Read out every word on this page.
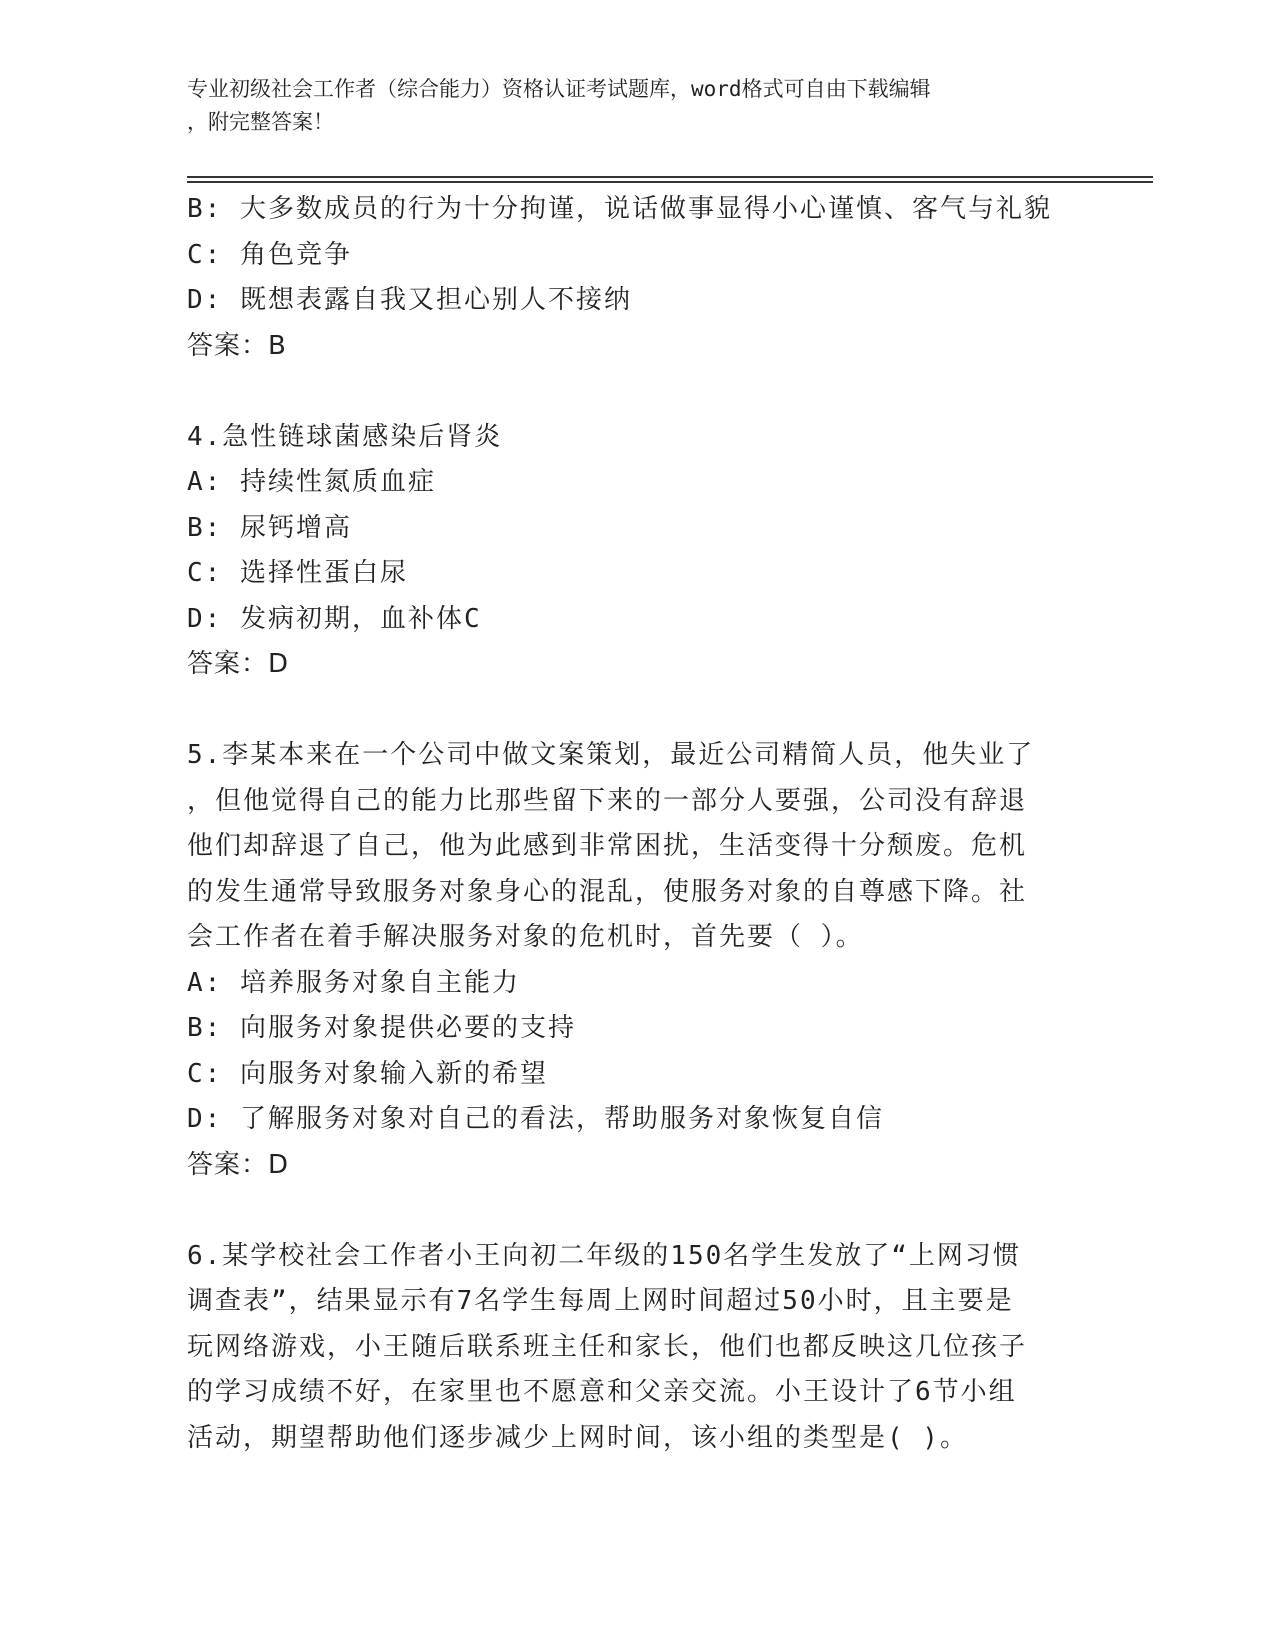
专业初级社会工作者（综合能力）资格认证考试题库，word格式可自由下载编辑
，附完整答案！
B: 大多数成员的行为十分拘谨，说话做事显得小心谨慎、客气与礼貌
C: 角色竞争
D: 既想表露自我又担心别人不接纳
答案：B
4.急性链球菌感染后肾炎
A: 持续性氮质血症
B: 尿钙增高
C: 选择性蛋白尿
D: 发病初期，血补体C
答案：D
5.李某本来在一个公司中做文案策划，最近公司精简人员，他失业了
，但他觉得自己的能力比那些留下来的一部分人要强，公司没有辞退
他们却辞退了自己，他为此感到非常困扰，生活变得十分颓废。危机
的发生通常导致服务对象身心的混乱，使服务对象的自尊感下降。社
会工作者在着手解决服务对象的危机时，首先要（ ）。
A: 培养服务对象自主能力
B: 向服务对象提供必要的支持
C: 向服务对象输入新的希望
D: 了解服务对象对自己的看法，帮助服务对象恢复自信
答案：D
6.某学校社会工作者小王向初二年级的150名学生发放了“上网习惯
调查表”，结果显示有7名学生每周上网时间超过50小时，且主要是
玩网络游戏，小王随后联系班主任和家长，他们也都反映这几位孩子
的学习成绩不好，在家里也不愿意和父亲交流。小王设计了6节小组
活动，期望帮助他们逐步减少上网时间，该小组的类型是( )。
